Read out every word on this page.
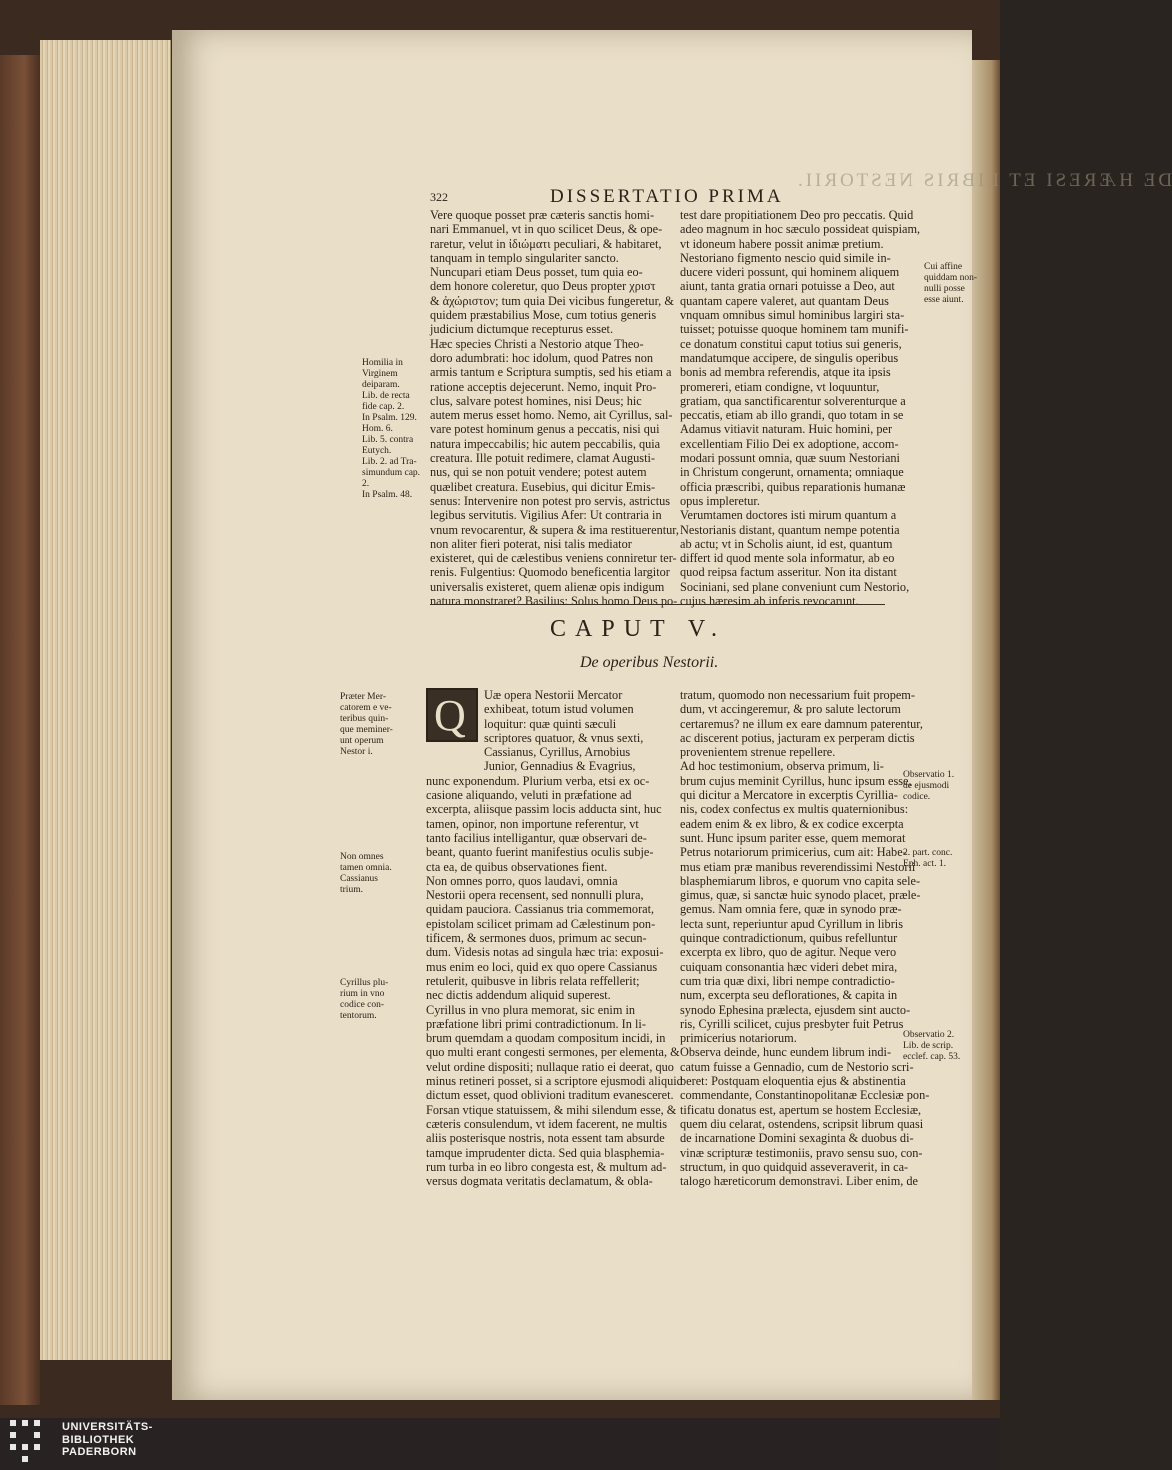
DE HÆRESI ET LIBRIS NESTORII.
322	DISSERTATIO PRIMA
Vere quoque posset præ cæteris sanctis homi-
nari Emmanuel, vt in quo scilicet Deus, & ope-
raretur, velut in ἰδιώματι peculiari, & habitaret,
tanquam in templo singulariter sancto.
Nuncupari etiam Deus posset, tum quia eo-
dem honore coleretur, quo Deus propter χριστ
& ἀχώριστον; tum quia Dei vicibus fungeretur, &
quidem præstabilius Mose, cum totius generis
judicium dictumque recepturus esset.
Hæc species Christi a Nestorio atque Theo-
doro adumbrati: hoc idolum, quod Patres non
armis tantum e Scriptura sumptis, sed his etiam a
ratione acceptis dejecerunt. Nemo, inquit Pro-
clus, salvare potest homines, nisi Deus; hic
autem merus esset homo. Nemo, ait Cyrillus, sal-
vare potest hominum genus a peccatis, nisi qui
natura impeccabilis; hic autem peccabilis, quia
creatura. Ille potuit redimere, clamat Augusti-
nus, qui se non potuit vendere; potest autem
quælibet creatura. Eusebius, qui dicitur Emis-
senus: Intervenire non potest pro servis, astrictus
legibus servitutis. Vigilius Afer: Ut contraria in
vnum revocarentur, & supera & ima restituerentur,
non aliter fieri poterat, nisi talis mediator
existeret, qui de cælestibus veniens conniretur ter-
renis. Fulgentius: Quomodo beneficentia largitor
universalis existeret, quem alienæ opis indigum
natura monstraret? Basilius: Solus homo Deus po-
test dare propitiationem Deo pro peccatis. Quid
adeo magnum in hoc sæculo possideat quispiam,
vt idoneum habere possit animæ pretium.
Nestoriano figmento nescio quid simile in-
ducere videri possunt, qui hominem aliquem
aiunt, tanta gratia ornari potuisse a Deo, aut
quantam capere valeret, aut quantam Deus
vnquam omnibus simul hominibus largiri sta-
tuisset; potuisse quoque hominem tam munifi-
ce donatum constitui caput totius sui generis,
mandatumque accipere, de singulis operibus
bonis ad membra referendis, atque ita ipsis
promereri, etiam condigne, vt loquuntur,
gratiam, qua sanctificarentur solverenturque a
peccatis, etiam ab illo grandi, quo totam in se
Adamus vitiavit naturam. Huic homini, per
excellentiam Filio Dei ex adoptione, accom-
modari possunt omnia, quæ suum Nestoriani
in Christum congerunt, ornamenta; omniaque
officia præscribi, quibus reparationis humanæ
opus impleretur.
Verumtamen doctores isti mirum quantum a
Nestorianis distant, quantum nempe potentia
ab actu; vt in Scholis aiunt, id est, quantum
differt id quod mente sola informatur, ab eo
quod reipsa factum asseritur. Non ita distant
Sociniani, sed plane conveniunt cum Nestorio,
cujus hæresim ab inferis revocarunt.
Homilia in
Virginem
deiparam.
Lib. de recta
fide cap. 2.
In Psalm. 129.
Hom. 6.
Lib. 5. contra
Eutych.
Lib. 2. ad Tra-
simundum cap.
2.
In Psalm. 48.
Cui affine
quiddam non-
nulli posse
esse aiunt.
CAPUT V.
De operibus Nestorii.
Q	Uæ opera Nestorii Mercator
exhibeat, totum istud volumen
loquitur: quæ quinti sæculi
scriptores quatuor, & vnus sexti,
Cassianus, Cyrillus, Arnobius
Junior, Gennadius & Evagrius,
nunc exponendum. Plurium verba, etsi ex oc-
casione aliquando, veluti in præfatione ad
excerpta, aliisque passim locis adducta sint, huc
tamen, opinor, non importune referentur, vt
tanto facilius intelligantur, quæ observari de-
beant, quanto fuerint manifestius oculis subje-
cta ea, de quibus observationes fient.
Non omnes porro, quos laudavi, omnia
Nestorii opera recensent, sed nonnulli plura,
quidam pauciora. Cassianus tria commemorat,
epistolam scilicet primam ad Cælestinum pon-
tificem, & sermones duos, primum ac secun-
dum. Videsis notas ad singula hæc tria: exposui-
mus enim eo loci, quid ex quo opere Cassianus
retulerit, quibusve in libris relata reffellerit;
nec dictis addendum aliquid superest.
Cyrillus in vno plura memorat, sic enim in
præfatione libri primi contradictionum. In li-
brum quemdam a quodam compositum incidi, in
quo multi erant congesti sermones, per elementa, &
velut ordine dispositi; nullaque ratio ei deerat, quo
minus retineri posset, si a scriptore ejusmodi aliquid
dictum esset, quod oblivioni traditum evanesceret.
Forsan vtique statuissem, & mihi silendum esse, &
cæteris consulendum, vt idem facerent, ne multis
aliis posterisque nostris, nota essent tam absurde
tamque imprudenter dicta. Sed quia blasphemia-
rum turba in eo libro congesta est, & multum ad-
versus dogmata veritatis declamatum, & obla-
tratum, quomodo non necessarium fuit propem-
dum, vt accingeremur, & pro salute lectorum
certaremus? ne illum ex eare damnum paterentur,
ac discerent potius, jacturam ex perperam dictis
provenientem strenue repellere.
Ad hoc testimonium, observa primum, li-
brum cujus meminit Cyrillus, hunc ipsum esse,
qui dicitur a Mercatore in excerptis Cyrillia-
nis, codex confectus ex multis quaternionibus:
eadem enim & ex libro, & ex codice excerpta
sunt. Hunc ipsum pariter esse, quem memorat
Petrus notariorum primicerius, cum ait: Habe-
mus etiam præ manibus reverendissimi Nestorii
blasphemiarum libros, e quorum vno capita sele-
gimus, quæ, si sanctæ huic synodo placet, præle-
gemus. Nam omnia fere, quæ in synodo præ-
lecta sunt, reperiuntur apud Cyrillum in libris
quinque contradictionum, quibus refelluntur
excerpta ex libro, quo de agitur. Neque vero
cuiquam consonantia hæc videri debet mira,
cum tria quæ dixi, libri nempe contradictio-
num, excerpta seu deflorationes, & capita in
synodo Ephesina prælecta, ejusdem sint aucto-
ris, Cyrilli scilicet, cujus presbyter fuit Petrus
primicerius notariorum.
Observa deinde, hunc eundem librum indi-
catum fuisse a Gennadio, cum de Nestorio scri-
beret: Postquam eloquentia ejus & abstinentia
commendante, Constantinopolitanæ Ecclesiæ pon-
tificatu donatus est, apertum se hostem Ecclesiæ,
quem diu celarat, ostendens, scripsit librum quasi
de incarnatione Domini sexaginta & duobus di-
vinæ scripturæ testimoniis, pravo sensu suo, con-
structum, in quo quidquid asseveraverit, in ca-
talogo hæreticorum demonstravi. Liber enim, de
Præter Mer-
catorem e ve-
teribus quin-
que meminer-
unt operum
Nestor i.
Non omnes
tamen omnia.
Cassianus
trium.
Cyrillus plu-
rium in vno
codice con-
tentorum.
Observatio 1.
de ejusmodi
codice.
2. part. conc.
Eph. act. 1.
Observatio 2.
Lib. de scrip.
ecclef. cap. 53.
UNIVERSITÄTS-
BIBLIOTHEK
PADERBORN
